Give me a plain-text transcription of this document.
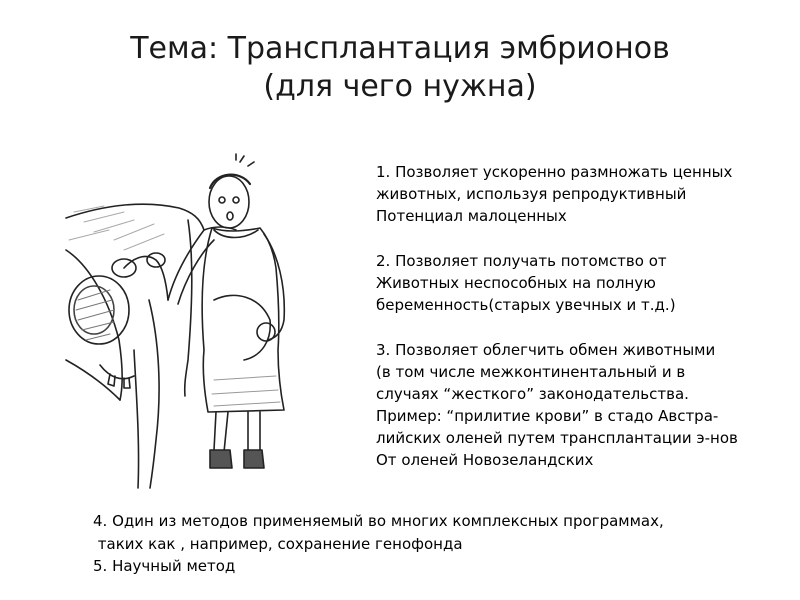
Тема: Трансплантация эмбрионов
(для чего нужна)
1. Позволяет ускоренно размножать ценных
животных, используя репродуктивный
Потенциал малоценных
2. Позволяет получать потомство от
Животных неспособных на полную
беременность(старых увечных и т.д.)
3. Позволяет облегчить обмен животными
(в том числе межконтинентальный и в
случаях “жесткого” законодательства.
Пример: “прилитие крови” в стадо Австра-
лийских оленей путем трансплантации э-нов
От оленей Новозеландских
4. Один из методов применяемый во многих комплексных программах,
таких как , например, сохранение генофонда
5. Научный метод
